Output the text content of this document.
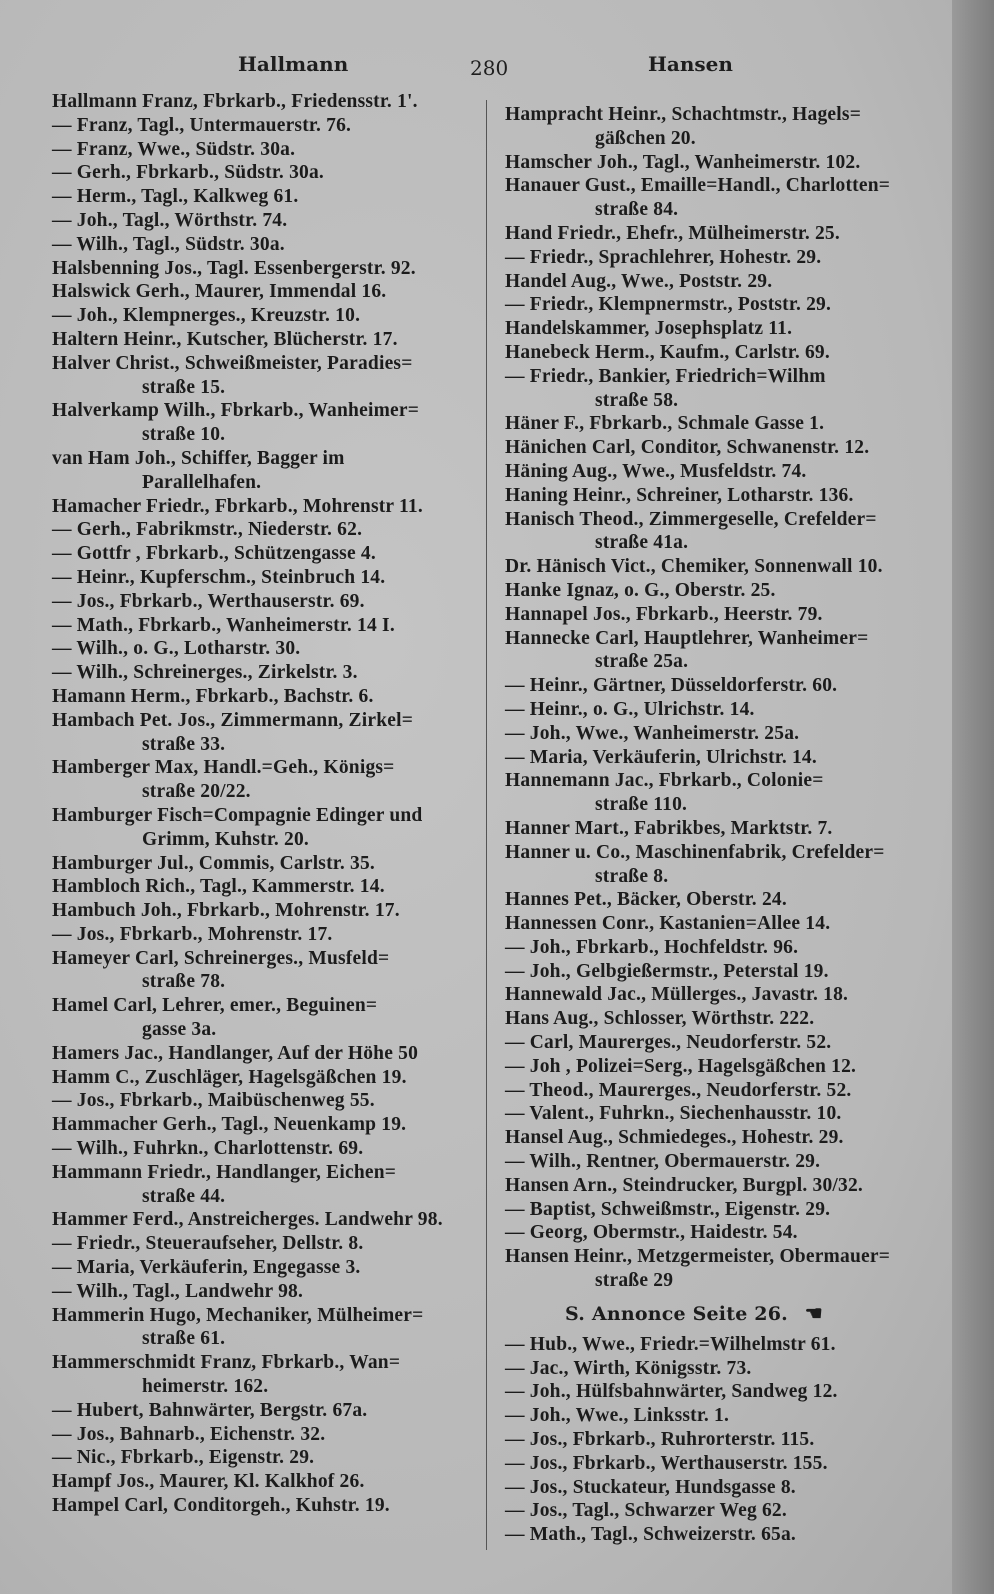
Hallmann	280	Hansen
Hallmann Franz, Fbrkarb., Friedensstr. 1'.
— Franz, Tagl., Untermauerstr. 76.
— Franz, Wwe., Südstr. 30a.
— Gerh., Fbrkarb., Südstr. 30a.
— Herm., Tagl., Kalkweg 61.
— Joh., Tagl., Wörthstr. 74.
— Wilh., Tagl., Südstr. 30a.
Halsbenning Jos., Tagl. Essenbergerstr. 92.
Halswick Gerh., Maurer, Immendal 16.
— Joh., Klempnerges., Kreuzstr. 10.
Haltern Heinr., Kutscher, Blücherstr. 17.
Halver Christ., Schweißmeister, Paradies=
straße 15.
Halverkamp Wilh., Fbrkarb., Wanheimer=
straße 10.
van Ham Joh., Schiffer, Bagger im
Parallelhafen.
Hamacher Friedr., Fbrkarb., Mohrenstr 11.
— Gerh., Fabrikmstr., Niederstr. 62.
— Gottfr , Fbrkarb., Schützengasse 4.
— Heinr., Kupferschm., Steinbruch 14.
— Jos., Fbrkarb., Werthauserstr. 69.
— Math., Fbrkarb., Wanheimerstr. 14 I.
— Wilh., o. G., Lotharstr. 30.
— Wilh., Schreinerges., Zirkelstr. 3.
Hamann Herm., Fbrkarb., Bachstr. 6.
Hambach Pet. Jos., Zimmermann, Zirkel=
straße 33.
Hamberger Max, Handl.=Geh., Königs=
straße 20/22.
Hamburger Fisch=Compagnie Edinger und
Grimm, Kuhstr. 20.
Hamburger Jul., Commis, Carlstr. 35.
Hambloch Rich., Tagl., Kammerstr. 14.
Hambuch Joh., Fbrkarb., Mohrenstr. 17.
— Jos., Fbrkarb., Mohrenstr. 17.
Hameyer Carl, Schreinerges., Musfeld=
straße 78.
Hamel Carl, Lehrer, emer., Beguinen=
gasse 3a.
Hamers Jac., Handlanger, Auf der Höhe 50
Hamm C., Zuschläger, Hagelsgäßchen 19.
— Jos., Fbrkarb., Maibüschenweg 55.
Hammacher Gerh., Tagl., Neuenkamp 19.
— Wilh., Fuhrkn., Charlottenstr. 69.
Hammann Friedr., Handlanger, Eichen=
straße 44.
Hammer Ferd., Anstreicherges. Landwehr 98.
— Friedr., Steueraufseher, Dellstr. 8.
— Maria, Verkäuferin, Engegasse 3.
— Wilh., Tagl., Landwehr 98.
Hammerin Hugo, Mechaniker, Mülheimer=
straße 61.
Hammerschmidt Franz, Fbrkarb., Wan=
heimerstr. 162.
— Hubert, Bahnwärter, Bergstr. 67a.
— Jos., Bahnarb., Eichenstr. 32.
— Nic., Fbrkarb., Eigenstr. 29.
Hampf Jos., Maurer, Kl. Kalkhof 26.
Hampel Carl, Conditorgeh., Kuhstr. 19.
Hampracht Heinr., Schachtmstr., Hagels=
gäßchen 20.
Hamscher Joh., Tagl., Wanheimerstr. 102.
Hanauer Gust., Emaille=Handl., Charlotten=
straße 84.
Hand Friedr., Ehefr., Mülheimerstr. 25.
— Friedr., Sprachlehrer, Hohestr. 29.
Handel Aug., Wwe., Poststr. 29.
— Friedr., Klempnermstr., Poststr. 29.
Handelskammer, Josephsplatz 11.
Hanebeck Herm., Kaufm., Carlstr. 69.
— Friedr., Bankier, Friedrich=Wilhm
straße 58.
Häner F., Fbrkarb., Schmale Gasse 1.
Hänichen Carl, Conditor, Schwanenstr. 12.
Häning Aug., Wwe., Musfeldstr. 74.
Haning Heinr., Schreiner, Lotharstr. 136.
Hanisch Theod., Zimmergeselle, Crefelder=
straße 41a.
Dr. Hänisch Vict., Chemiker, Sonnenwall 10.
Hanke Ignaz, o. G., Oberstr. 25.
Hannapel Jos., Fbrkarb., Heerstr. 79.
Hannecke Carl, Hauptlehrer, Wanheimer=
straße 25a.
— Heinr., Gärtner, Düsseldorferstr. 60.
— Heinr., o. G., Ulrichstr. 14.
— Joh., Wwe., Wanheimerstr. 25a.
— Maria, Verkäuferin, Ulrichstr. 14.
Hannemann Jac., Fbrkarb., Colonie=
straße 110.
Hanner Mart., Fabrikbes, Marktstr. 7.
Hanner u. Co., Maschinenfabrik, Crefelder=
straße 8.
Hannes Pet., Bäcker, Oberstr. 24.
Hannessen Conr., Kastanien=Allee 14.
— Joh., Fbrkarb., Hochfeldstr. 96.
— Joh., Gelbgießermstr., Peterstal 19.
Hannewald Jac., Müllerges., Javastr. 18.
Hans Aug., Schlosser, Wörthstr. 222.
— Carl, Maurerges., Neudorferstr. 52.
— Joh , Polizei=Serg., Hagelsgäßchen 12.
— Theod., Maurerges., Neudorferstr. 52.
— Valent., Fuhrkn., Siechenhausstr. 10.
Hansel Aug., Schmiedeges., Hohestr. 29.
— Wilh., Rentner, Obermauerstr. 29.
Hansen Arn., Steindrucker, Burgpl. 30/32.
— Baptist, Schweißmstr., Eigenstr. 29.
— Georg, Obermstr., Haidestr. 54.
Hansen Heinr., Metzgermeister, Obermauer=
straße 29
S. Annonce Seite 26. ☚
— Hub., Wwe., Friedr.=Wilhelmstr 61.
— Jac., Wirth, Königsstr. 73.
— Joh., Hülfsbahnwärter, Sandweg 12.
— Joh., Wwe., Linksstr. 1.
— Jos., Fbrkarb., Ruhrorterstr. 115.
— Jos., Fbrkarb., Werthauserstr. 155.
— Jos., Stuckateur, Hundsgasse 8.
— Jos., Tagl., Schwarzer Weg 62.
— Math., Tagl., Schweizerstr. 65a.
